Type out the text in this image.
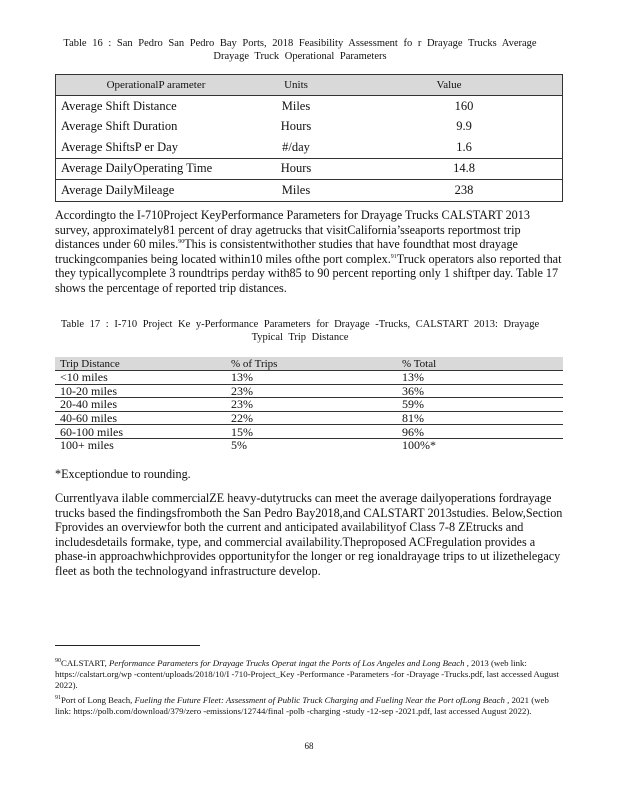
Table 16 : San Pedro San Pedro Bay Ports, 2018 Feasibility Assessment fo r Drayage Trucks Average Drayage Truck Operational Parameters
OperationalP arameter	Units	Value
Average Shift Distance	Miles	160
Average Shift Duration	Hours	9.9
Average ShiftsP er Day	#/day	1.6
Average DailyOperating Time	Hours	14.8
Average DailyMileage	Miles	238
Accordingto the I-710Project KeyPerformance Parameters for Drayage Trucks CALSTART 2013 survey, approximately81 percent of dray agetrucks that visitCalifornia’sseaports reportmost trip distances under 60 miles.$^{90}$This is consistentwithother studies that have foundthat most drayage truckingcompanies being located within10 miles ofthe port complex.$^{91}$Truck operators also reported that they typicallycomplete 3 roundtrips perday with85 to 90 percent reporting only 1 shiftper day. Table 17 shows the percentage of reported trip distances.
Table 17 : I-710 Project Ke y-Performance Parameters for Drayage -Trucks, CALSTART 2013: Drayage Typical Trip Distance
Trip Distance	% of Trips	% Total
<10 miles	13%	13%
10-20 miles	23%	36%
20-40 miles	23%	59%
40-60 miles	22%	81%
60-100 miles	15%	96%
100+ miles	5%	100%*
*Exceptiondue to rounding.
Currentlyava ilable commercialZE heavy-dutytrucks can meet the average dailyoperations fordrayage trucks based the findingsfromboth the San Pedro Bay2018,and CALSTART 2013studies. Below,Section Fprovides an overviewfor both the current and anticipated availabilityof Class 7-8 ZEtrucks and includesdetails formake, type, and commercial availability.Theproposed ACFregulation provides a phase-in approachwhichprovides opportunityfor the longer or reg ionaldrayage trips to ut ilizethelegacy fleet as both the technologyand infrastructure develop.
$^{90}$CALSTART, Performance Parameters for Drayage Trucks Operat ingat the Ports of Los Angeles and Long Beach , 2013 (web link: https://calstart.org/wp -content/uploads/2018/10/I -710-Project_Key -Performance -Parameters -for -Drayage -Trucks.pdf, last accessed August 2022).
$^{91}$Port of Long Beach, Fueling the Future Fleet: Assessment of Public Truck Charging and Fueling Near the Port ofLong Beach , 2021 (web link: https://polb.com/download/379/zero -emissions/12744/final -polb -charging -study -12-sep -2021.pdf, last accessed August 2022).
68
